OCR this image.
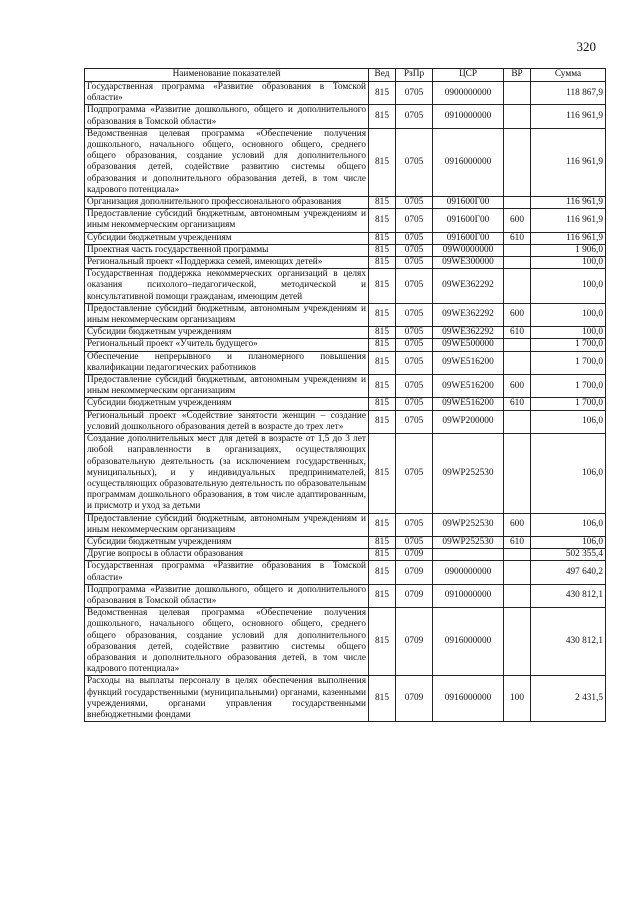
320
Наименование показателей	Вед	РзПр	ЦСР	ВР	Сумма
Государственная программа «Развитие образования в Томской области»	815	0705	0900000000		118 867,9
Подпрограмма «Развитие дошкольного, общего и дополнительного образования в Томской области»	815	0705	0910000000		116 961,9
Ведомственная целевая программа «Обеспечение получения дошкольного, начального общего, основного общего, среднего общего образования, создание условий для дополнительного образования детей, содействие развитию системы общего образования и дополнительного образования детей, в том числе кадрового потенциала»	815	0705	0916000000		116 961,9
Организация дополнительного профессионального образования	815	0705	091600Г00		116 961,9
Предоставление субсидий бюджетным, автономным учреждениям и иным некоммерческим организациям	815	0705	091600Г00	600	116 961,9
Субсидии бюджетным учреждениям	815	0705	091600Г00	610	116 961,9
Проектная часть государственной программы	815	0705	09W0000000		1 906,0
Региональный проект «Поддержка семей, имеющих детей»	815	0705	09WE300000		100,0
Государственная поддержка некоммерческих организаций в целях оказания психолого–педагогической, методической и консультативной помощи гражданам, имеющим детей	815	0705	09WE362292		100,0
Предоставление субсидий бюджетным, автономным учреждениям и иным некоммерческим организациям	815	0705	09WE362292	600	100,0
Субсидии бюджетным учреждениям	815	0705	09WE362292	610	100,0
Региональный проект «Учитель будущего»	815	0705	09WE500000		1 700,0
Обеспечение непрерывного и планомерного повышения квалификации педагогических работников	815	0705	09WE516200		1 700,0
Предоставление субсидий бюджетным, автономным учреждениям и иным некоммерческим организациям	815	0705	09WE516200	600	1 700,0
Субсидии бюджетным учреждениям	815	0705	09WE516200	610	1 700,0
Региональный проект «Содействие занятости женщин – создание условий дошкольного образования детей в возрасте до трех лет»	815	0705	09WP200000		106,0
Создание дополнительных мест для детей в возрасте от 1,5 до 3 лет любой направленности в организациях, осуществляющих образовательную деятельность (за исключением государственных, муниципальных), и у индивидуальных предпринимателей, осуществляющих образовательную деятельность по образовательным программам дошкольного образования, в том числе адаптированным, и присмотр и уход за детьми	815	0705	09WP252530		106,0
Предоставление субсидий бюджетным, автономным учреждениям и иным некоммерческим организациям	815	0705	09WP252530	600	106,0
Субсидии бюджетным учреждениям	815	0705	09WP252530	610	106,0
Другие вопросы в области образования	815	0709			502 355,4
Государственная программа «Развитие образования в Томской области»	815	0709	0900000000		497 640,2
Подпрограмма «Развитие дошкольного, общего и дополнительного образования в Томской области»	815	0709	0910000000		430 812,1
Ведомственная целевая программа «Обеспечение получения дошкольного, начального общего, основного общего, среднего общего образования, создание условий для дополнительного образования детей, содействие развитию системы общего образования и дополнительного образования детей, в том числе кадрового потенциала»	815	0709	0916000000		430 812,1
Расходы на выплаты персоналу в целях обеспечения выполнения функций государственными (муниципальными) органами, казенными учреждениями, органами управления государственными внебюджетными фондами	815	0709	0916000000	100	2 431,5
